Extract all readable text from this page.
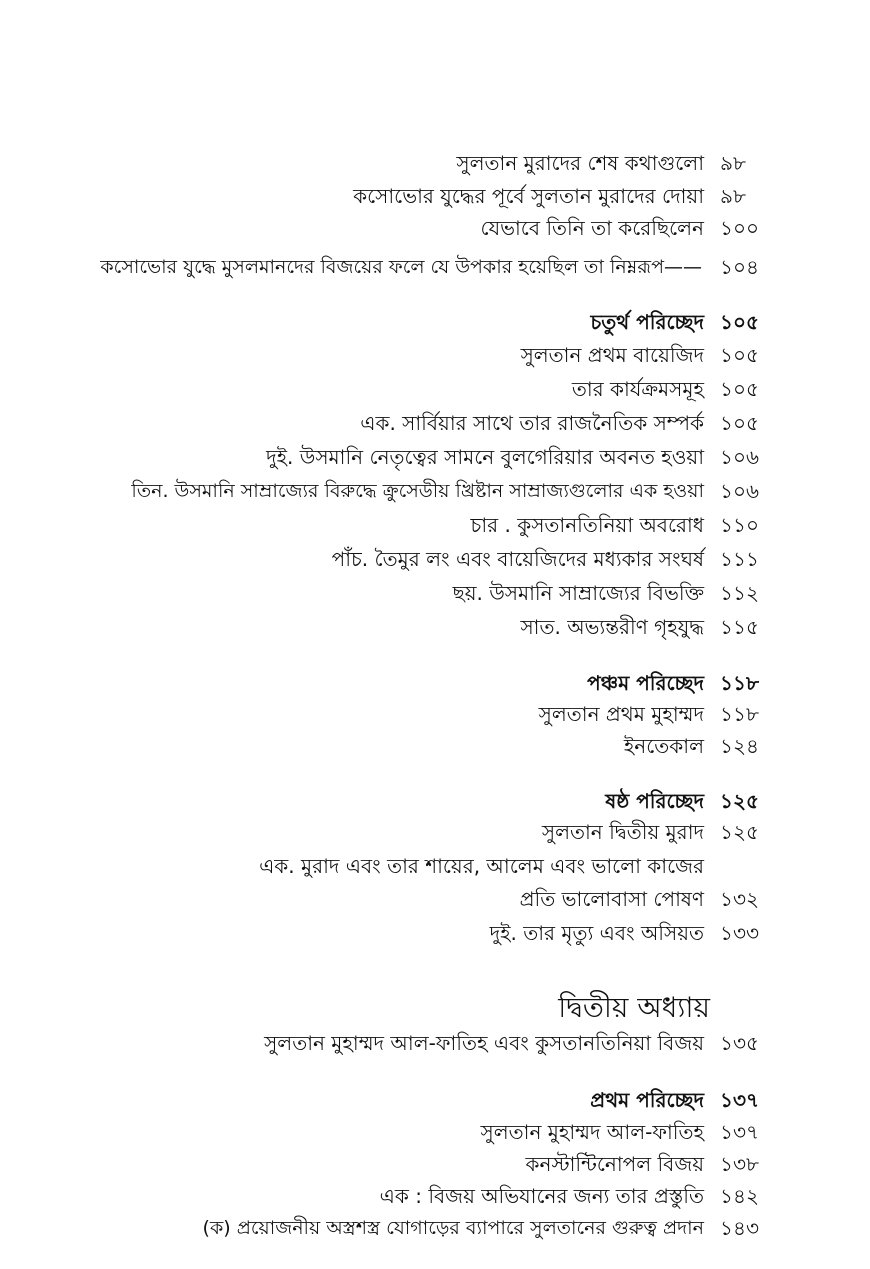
সুলতান মুরাদের শেষ কথাগুলো ৯৮
কসোভোর যুদ্ধের পূর্বে সুলতান মুরাদের দোয়া ৯৮
যেভাবে তিনি তা করেছিলেন ১০০
কসোভোর যুদ্ধে মুসলমানদের বিজয়ের ফলে যে উপকার হয়েছিল তা নিম্নরূপ—— ১০৪
চতুর্থ পরিচ্ছেদ ১০৫
সুলতান প্রথম বায়েজিদ ১০৫
তার কার্যক্রমসমূহ ১০৫
এক. সার্বিয়ার সাথে তার রাজনৈতিক সম্পর্ক ১০৫
দুই. উসমানি নেতৃত্বের সামনে বুলগেরিয়ার অবনত হওয়া ১০৬
তিন. উসমানি সাম্রাজ্যের বিরুদ্ধে ক্রুসেডীয় খ্রিষ্টান সাম্রাজ্যগুলোর এক হওয়া ১০৬
চার . কুসতানতিনিয়া অবরোধ ১১০
পাঁচ. তৈমুর লং এবং বায়েজিদের মধ্যকার সংঘর্ষ ১১১
ছয়. উসমানি সাম্রাজ্যের বিভক্তি ১১২
সাত. অভ্যন্তরীণ গৃহযুদ্ধ ১১৫
পঞ্চম পরিচ্ছেদ ১১৮
সুলতান প্রথম মুহাম্মদ ১১৮
ইনতেকাল ১২৪
ষষ্ঠ পরিচ্ছেদ ১২৫
সুলতান দ্বিতীয় মুরাদ ১২৫
এক. মুরাদ এবং তার শায়ের, আলেম এবং ভালো কাজের
প্রতি ভালোবাসা পোষণ ১৩২
দুই. তার মৃত্যু এবং অসিয়ত ১৩৩
দ্বিতীয় অধ্যায়
সুলতান মুহাম্মদ আল-ফাতিহ এবং কুসতানতিনিয়া বিজয় ১৩৫
প্রথম পরিচ্ছেদ ১৩৭
সুলতান মুহাম্মদ আল-ফাতিহ ১৩৭
কনস্টান্টিনোপল বিজয় ১৩৮
এক : বিজয় অভিযানের জন্য তার প্রস্তুতি ১৪২
(ক) প্রয়োজনীয় অস্ত্রশস্ত্র যোগাড়ের ব্যাপারে সুলতানের গুরুত্ব প্রদান ১৪৩
